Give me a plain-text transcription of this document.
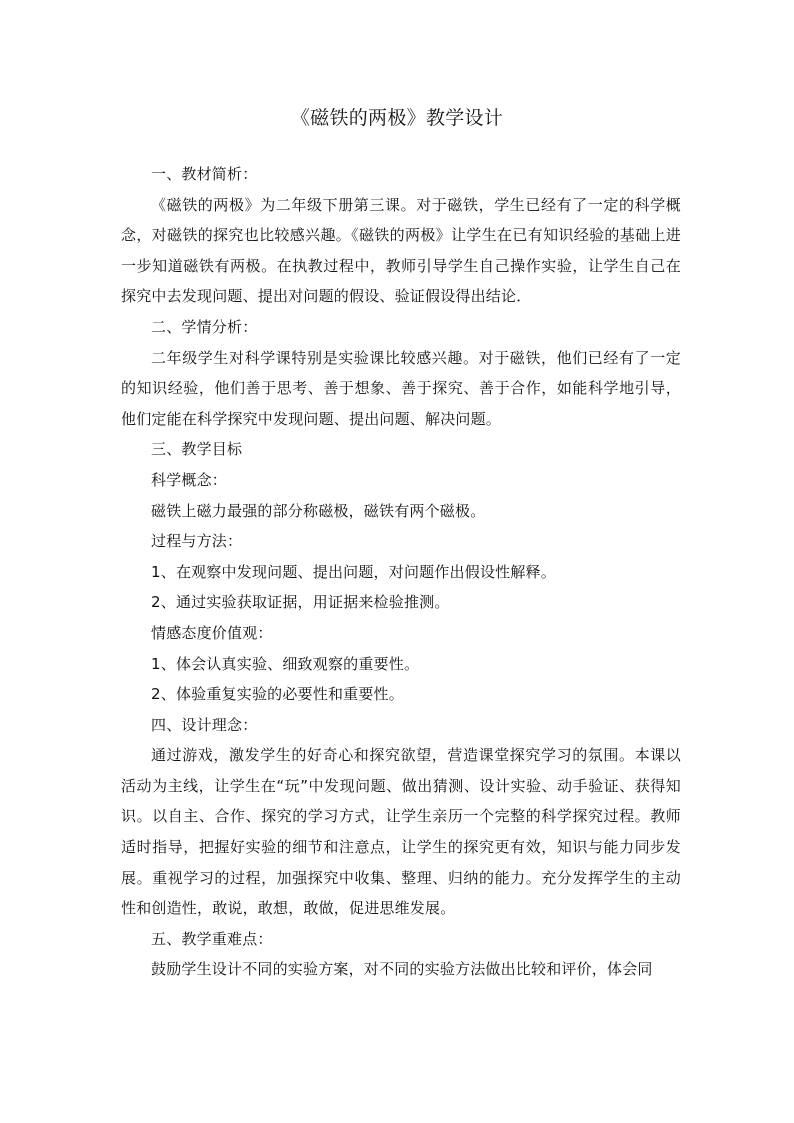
《磁铁的两极》教学设计

一、教材简析：

《磁铁的两极》为二年级下册第三课。对于磁铁，学生已经有了一定的科学概念，对磁铁的探究也比较感兴趣。《磁铁的两极》让学生在已有知识经验的基础上进一步知道磁铁有两极。在执教过程中，教师引导学生自己操作实验，让学生自己在探究中去发现问题、提出对问题的假设、验证假设得出结论．

二、学情分析：

二年级学生对科学课特别是实验课比较感兴趣。对于磁铁，他们已经有了一定的知识经验，他们善于思考、善于想象、善于探究、善于合作，如能科学地引导，他们定能在科学探究中发现问题、提出问题、解决问题。

三、教学目标

科学概念：

磁铁上磁力最强的部分称磁极，磁铁有两个磁极。

过程与方法：

1、在观察中发现问题、提出问题，对问题作出假设性解释。

2、通过实验获取证据，用证据来检验推测。

情感态度价值观：

1、体会认真实验、细致观察的重要性。

2、体验重复实验的必要性和重要性。

四、设计理念：

通过游戏，激发学生的好奇心和探究欲望，营造课堂探究学习的氛围。本课以活动为主线，让学生在“玩”中发现问题、做出猜测、设计实验、动手验证、获得知识。以自主、合作、探究的学习方式，让学生亲历一个完整的科学探究过程。教师适时指导，把握好实验的细节和注意点，让学生的探究更有效，知识与能力同步发展。重视学习的过程，加强探究中收集、整理、归纳的能力。充分发挥学生的主动性和创造性，敢说，敢想，敢做，促进思维发展。

五、教学重难点：

鼓励学生设计不同的实验方案，对不同的实验方法做出比较和评价，体会同
